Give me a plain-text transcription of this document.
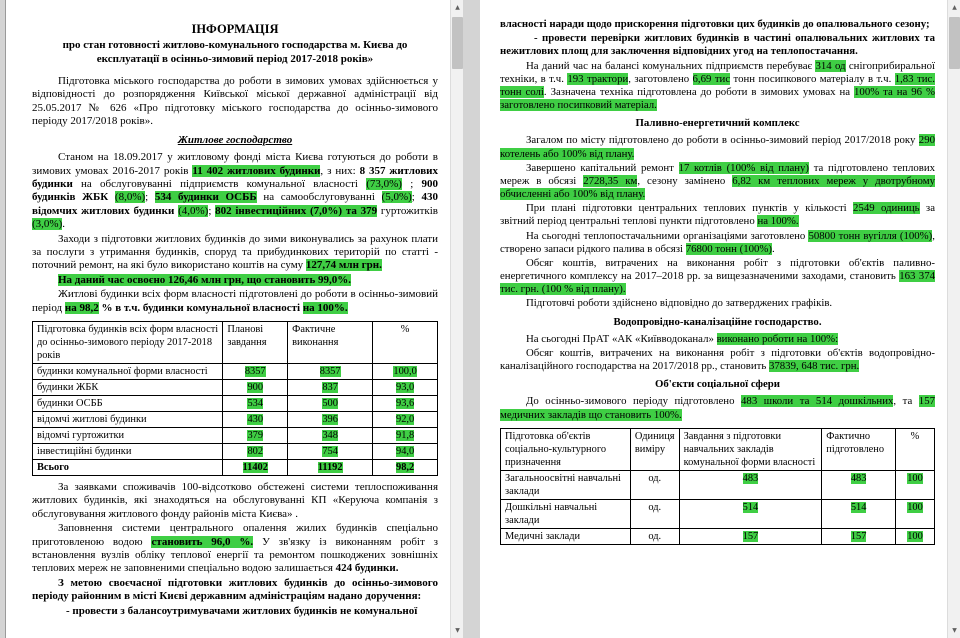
ІНФОРМАЦІЯ
про стан готовності житлово-комунального господарства м. Києва до експлуатації в осінньо-зимовий період 2017-2018 років»

Підготовка міського господарства до роботи в зимових умовах здійснюється у відповідності до розпорядження Київської міської державної адміністрації від 25.05.2017 № 626 «Про підготовку міського господарства до осінньо-зимового періоду 2017/2018 років».

Житлове господарство

Станом на 18.09.2017 у житловому фонді міста Києва готуються до роботи в зимових умовах 2016-2017 років 11 402 житлових будинки, з них: 8 357 житлових будинки на обслуговуванні підприємств комунальної власності (73,0%) ; 900 будинків ЖБК (8,0%); 534 будинки ОСББ на самообслуговуванні (5,0%); 430 відомчих житлових будинки (4,0%); 802 інвестиційних (7,0%) та 379 гуртожитків (3,0%).

Заходи з підготовки житлових будинків до зими виконувались за рахунок плати за послуги з утримання будинків, споруд та прибудинкових територій по статті - поточний ремонт, на які було використано коштів на суму 127,74 млн грн.

На даний час освоєно 126,46 млн грн, що становить 99,0%.

Житлові будинки всіх форм власності підготовлені до роботи в осінньо-зимовий період на 98,2 % в т.ч. будинки комунальної власності на 100%.

Підготовка будинків всіх форм власності до осінньо-зимового періоду 2017-2018 років	Планові завдання	Фактичне виконання	%
будинки комунальної форми власності	8357	8357	100,0
будинки ЖБК	900	837	93,0
будинки ОСББ	534	500	93,6
відомчі житлові будинки	430	396	92,0
відомчі гуртожитки	379	348	91,8
інвестиційні будинки	802	754	94,0
Всього	11402	11192	98,2

За заявками споживачів 100-відсотково обстежені системи теплоспоживання житлових будинків, які знаходяться на обслуговуванні КП «Керуюча компанія з обслуговування житлового фонду районів міста Києва» .

Заповнення системи центрального опалення жилих будинків спеціально приготовленою водою становить 96,0 %. У зв'язку із виконанням робіт з встановлення вузлів обліку теплової енергії та ремонтом пошкоджених зовнішніх теплових мереж не заповненими спеціально водою залишається 424 будинки.

З метою своєчасної підготовки житлових будинків до осінньо-зимового періоду районним в місті Києві державним адміністраціям надано доручення:

- провести з балансоутримувачами житлових будинків не комунальної

▲
▼

власності наради щодо прискорення підготовки цих будинків до опалювального сезону;

- провести перевірки житлових будинків в частині опалювальних житлових та нежитлових площ для заключення відповідних угод на теплопостачання.

На даний час на балансі комунальних підприємств перебуває 314 од снігоприбиральної техніки, в т.ч. 193 трактори, заготовлено 6,69 тис тонн посипкового матеріалу в т.ч. 1,83 тис. тонн солі. Зазначена техніка підготовлена до роботи в зимових умовах на 100% та на 96 % заготовлено посипковий матеріал.

Паливно-енергетичний комплекс

Загалом по місту підготовлено до роботи в осінньо-зимовий період 2017/2018 року 290 котелень або 100% від плану.

Завершено капітальний ремонт 17 котлів (100% від плану) та підготовлено теплових мереж в обсязі 2728,35 км, сезону замінено 6,82 км теплових мереж у двотрубному обчисленні або 100% від плану.

При плані підготовки центральних теплових пунктів у кількості 2549 одиниць за звітний період центральні теплові пункти підготовлено на 100%.

На сьогодні теплопостачальними організаціями заготовлено 50800 тонн вугілля (100%), створено запаси рідкого палива в обсязі 76800 тонн (100%).

Обсяг коштів, витрачених на виконання робіт з підготовки об'єктів паливно-енергетичного комплексу на 2017–2018 рр. за вищезазначеними заходами, становить 163 374 тис. грн. (100 % від плану).

Підготовчі роботи здійснено відповідно до затверджених графіків.

Водопровідно-каналізаційне господарство.

На сьогодні ПрАТ «АК «Київводоканал» виконано роботи на 100%:

Обсяг коштів, витрачених на виконання робіт з підготовки об'єктів водопровідно-каналізаційного господарства на 2017/2018 рр., становить 37839, 648 тис. грн.

Об'єкти соціальної сфери

До осінньо-зимового періоду підготовлено 483 школи та 514 дошкільних, та 157 медичних закладів що становить 100%.

Підготовка об'єктів соціально-культурного призначення	Одиниця виміру	Завдання з підготовки навчальних закладів комунальної форми власності	Фактично підготовлено	%
Загальноосвітні навчальні заклади	од.	483	483	100
Дошкільні навчальні заклади	од.	514	514	100
Медичні заклади	од.	157	157	100
▲
▼
